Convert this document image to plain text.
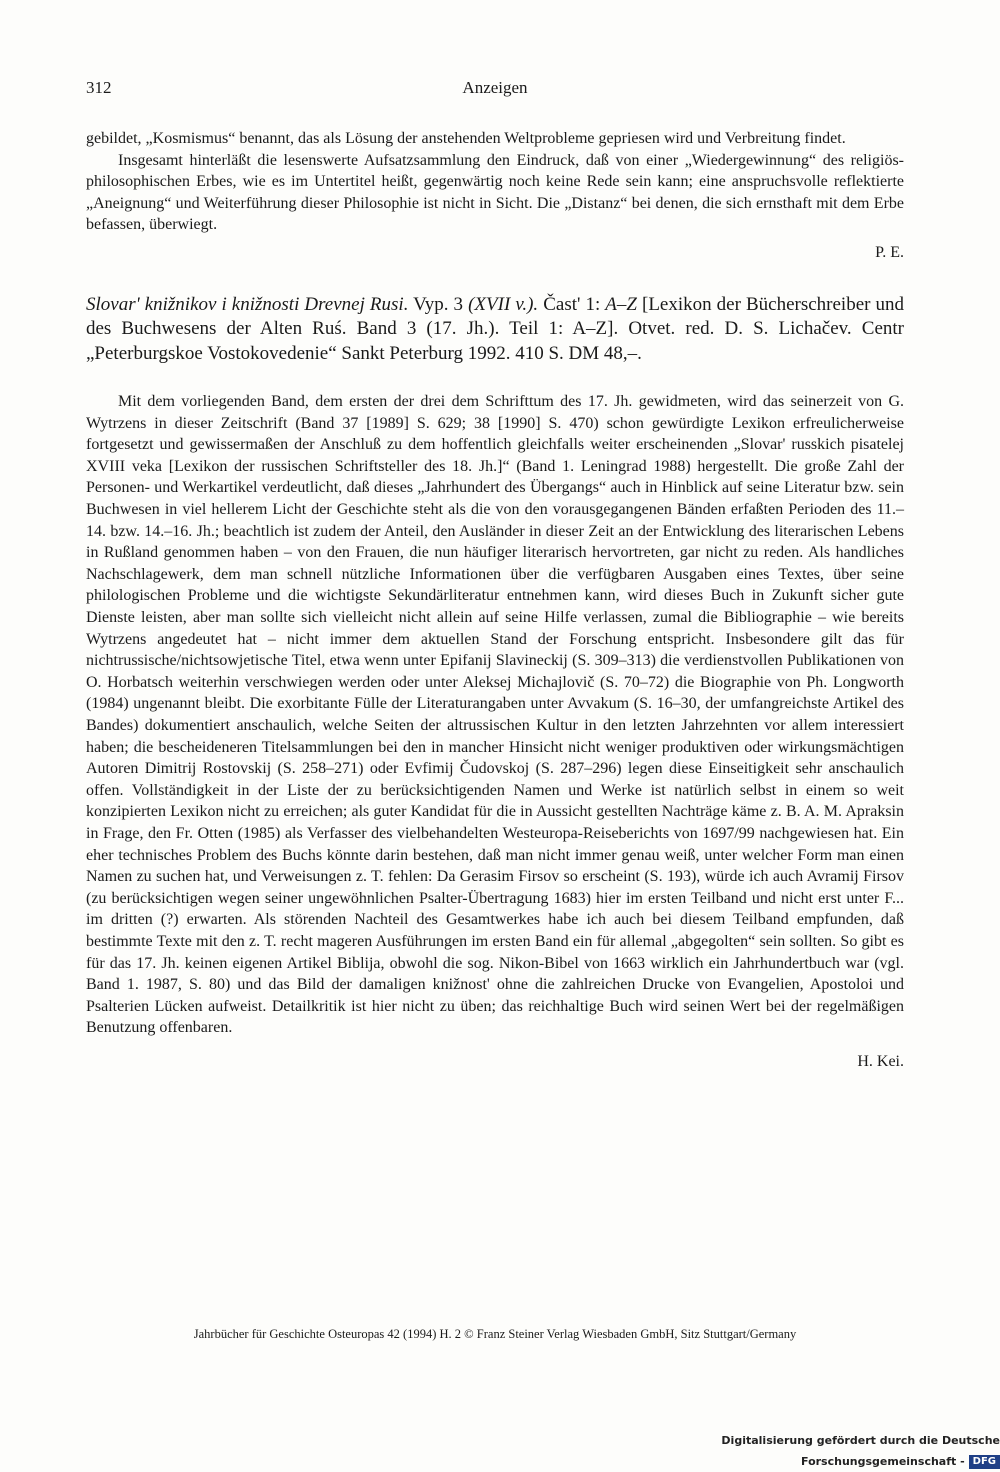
312	Anzeigen

gebildet, „Kosmismus“ benannt, das als Lösung der anstehenden Weltprobleme gepriesen wird und Verbreitung findet.

Insgesamt hinterläßt die lesenswerte Aufsatzsammlung den Eindruck, daß von einer „Wiedergewinnung“ des religiös-philosophischen Erbes, wie es im Untertitel heißt, gegenwärtig noch keine Rede sein kann; eine anspruchsvolle reflektierte „Aneignung“ und Weiterführung dieser Philosophie ist nicht in Sicht. Die „Distanz“ bei denen, die sich ernsthaft mit dem Erbe befassen, überwiegt.

P. E.

Slovar' knižnikov i knižnosti Drevnej Rusi. Vyp. 3 (XVII v.). Čast' 1: A–Z [Lexikon der Bücherschreiber und des Buchwesens der Alten Ruś. Band 3 (17. Jh.). Teil 1: A–Z]. Otvet. red. D. S. Lichačev. Centr „Peterburgskoe Vostokovedenie“ Sankt Peterburg 1992. 410 S. DM 48,–.

Mit dem vorliegenden Band, dem ersten der drei dem Schrifttum des 17. Jh. gewidmeten, wird das seinerzeit von G. Wytrzens in dieser Zeitschrift (Band 37 [1989] S. 629; 38 [1990] S. 470) schon gewürdigte Lexikon erfreulicherweise fortgesetzt und gewissermaßen der Anschluß zu dem hoffentlich gleichfalls weiter erscheinenden „Slovar' russkich pisatelej XVIII veka [Lexikon der russischen Schriftsteller des 18. Jh.]“ (Band 1. Leningrad 1988) hergestellt. Die große Zahl der Personen- und Werkartikel verdeutlicht, daß dieses „Jahrhundert des Übergangs“ auch in Hinblick auf seine Literatur bzw. sein Buchwesen in viel hellerem Licht der Geschichte steht als die von den vorausgegangenen Bänden erfaßten Perioden des 11.–14. bzw. 14.–16. Jh.; beachtlich ist zudem der Anteil, den Ausländer in dieser Zeit an der Entwicklung des literarischen Lebens in Rußland genommen haben – von den Frauen, die nun häufiger literarisch hervortreten, gar nicht zu reden. Als handliches Nachschlagewerk, dem man schnell nützliche Informationen über die verfügbaren Ausgaben eines Textes, über seine philologischen Probleme und die wichtigste Sekundärliteratur entnehmen kann, wird dieses Buch in Zukunft sicher gute Dienste leisten, aber man sollte sich vielleicht nicht allein auf seine Hilfe verlassen, zumal die Bibliographie – wie bereits Wytrzens angedeutet hat – nicht immer dem aktuellen Stand der Forschung entspricht. Insbesondere gilt das für nichtrussische/nichtsowjetische Titel, etwa wenn unter Epifanij Slavineckij (S. 309–313) die verdienstvollen Publikationen von O. Horbatsch weiterhin verschwiegen werden oder unter Aleksej Michajlovič (S. 70–72) die Biographie von Ph. Longworth (1984) ungenannt bleibt. Die exorbitante Fülle der Literaturangaben unter Avvakum (S. 16–30, der umfangreichste Artikel des Bandes) dokumentiert anschaulich, welche Seiten der altrussischen Kultur in den letzten Jahrzehnten vor allem interessiert haben; die bescheideneren Titelsammlungen bei den in mancher Hinsicht nicht weniger produktiven oder wirkungsmächtigen Autoren Dimitrij Rostovskij (S. 258–271) oder Evfimij Čudovskoj (S. 287–296) legen diese Einseitigkeit sehr anschaulich offen. Vollständigkeit in der Liste der zu berücksichtigenden Namen und Werke ist natürlich selbst in einem so weit konzipierten Lexikon nicht zu erreichen; als guter Kandidat für die in Aussicht gestellten Nachträge käme z. B. A. M. Apraksin in Frage, den Fr. Otten (1985) als Verfasser des vielbehandelten Westeuropa-Reiseberichts von 1697/99 nachgewiesen hat. Ein eher technisches Problem des Buchs könnte darin bestehen, daß man nicht immer genau weiß, unter welcher Form man einen Namen zu suchen hat, und Verweisungen z. T. fehlen: Da Gerasim Firsov so erscheint (S. 193), würde ich auch Avramij Firsov (zu berücksichtigen wegen seiner ungewöhnlichen Psalter-Übertragung 1683) hier im ersten Teilband und nicht erst unter F... im dritten (?) erwarten. Als störenden Nachteil des Gesamtwerkes habe ich auch bei diesem Teilband empfunden, daß bestimmte Texte mit den z. T. recht mageren Ausführungen im ersten Band ein für allemal „abgegolten“ sein sollten. So gibt es für das 17. Jh. keinen eigenen Artikel Biblija, obwohl die sog. Nikon-Bibel von 1663 wirklich ein Jahrhundertbuch war (vgl. Band 1. 1987, S. 80) und das Bild der damaligen knižnost' ohne die zahlreichen Drucke von Evangelien, Apostoloi und Psalterien Lücken aufweist. Detailkritik ist hier nicht zu üben; das reichhaltige Buch wird seinen Wert bei der regelmäßigen Benutzung offenbaren.

H. Kei.

Jahrbücher für Geschichte Osteuropas 42 (1994) H. 2 © Franz Steiner Verlag Wiesbaden GmbH, Sitz Stuttgart/Germany
Digitalisierung gefördert durch die Deutsche Forschungsgemeinschaft - DFG
